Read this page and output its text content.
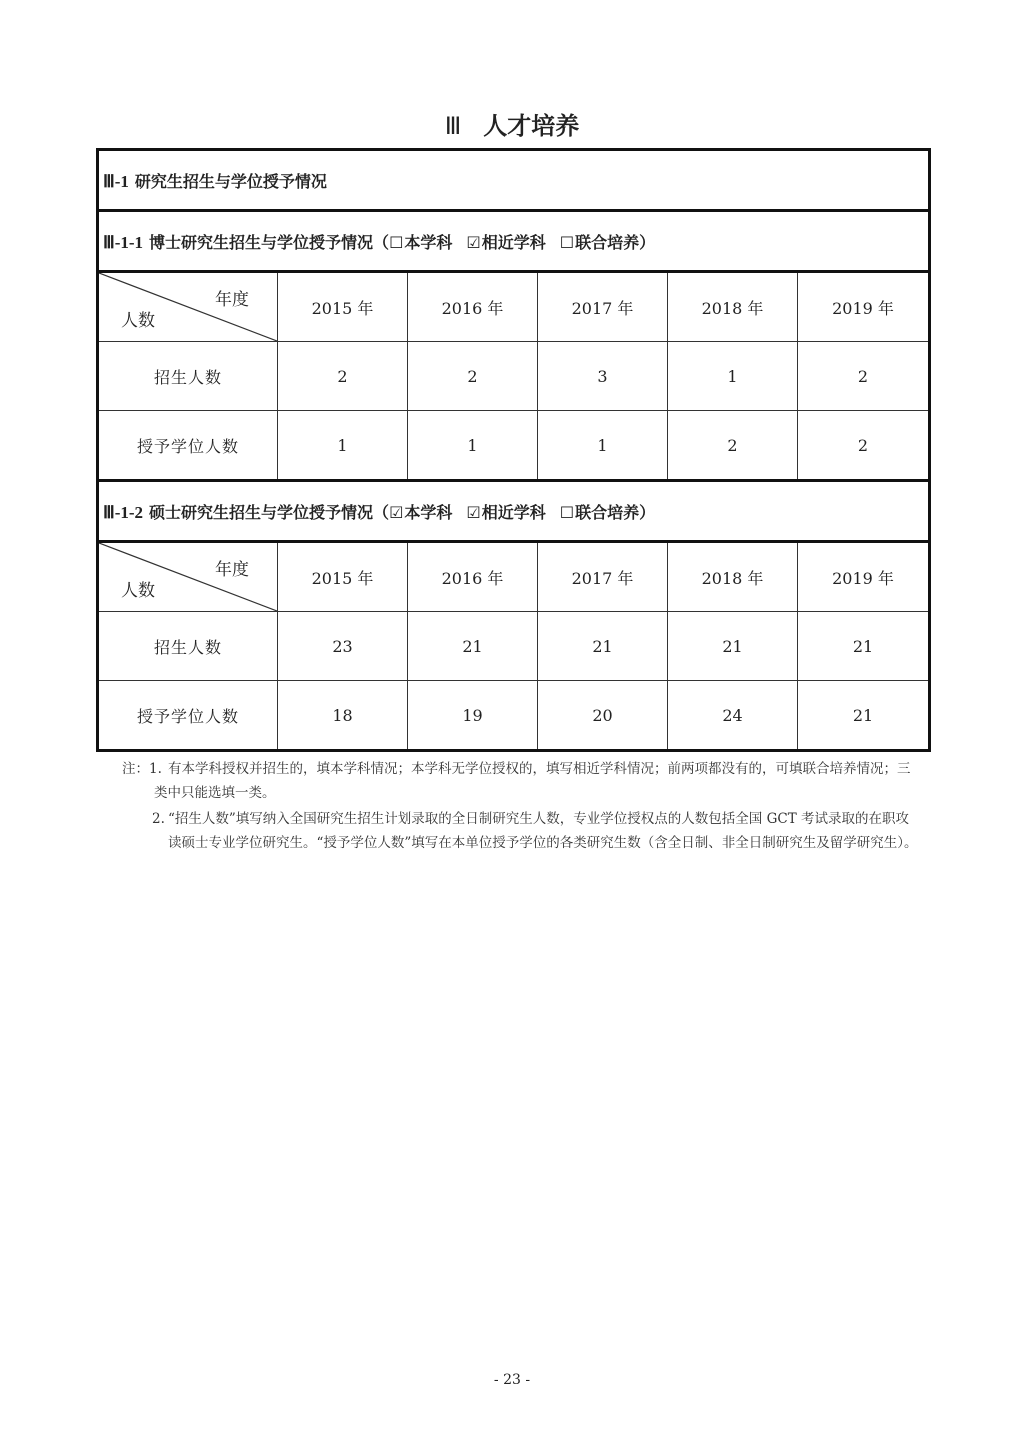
Ⅲ 人才培养
Ⅲ-1 研究生招生与学位授予情况					
Ⅲ-1-1 博士研究生招生与学位授予情况（☐本学科 ☑相近学科 ☐联合培养）					

年度
人数	2015 年	2016 年	2017 年	2018 年	2019 年
招生人数	2	2	3	1	2
授予学位人数	1	1	1	2	2
Ⅲ-1-2 硕士研究生招生与学位授予情况（☑本学科 ☑相近学科 ☐联合培养）					

年度
人数	2015 年	2016 年	2017 年	2018 年	2019 年
招生人数	23	21	21	21	21
授予学位人数	18	19	20	24	21
注：1. 有本学科授权并招生的，填本学科情况；本学科无学位授权的，填写相近学科情况；前两项都没有的，可填联合培养情况；三类中只能选填一类。
2. “招生人数”填写纳入全国研究生招生计划录取的全日制研究生人数，专业学位授权点的人数包括全国 GCT 考试录取的在职攻读硕士专业学位研究生。“授予学位人数”填写在本单位授予学位的各类研究生数（含全日制、非全日制研究生及留学研究生）。
- 23 -
